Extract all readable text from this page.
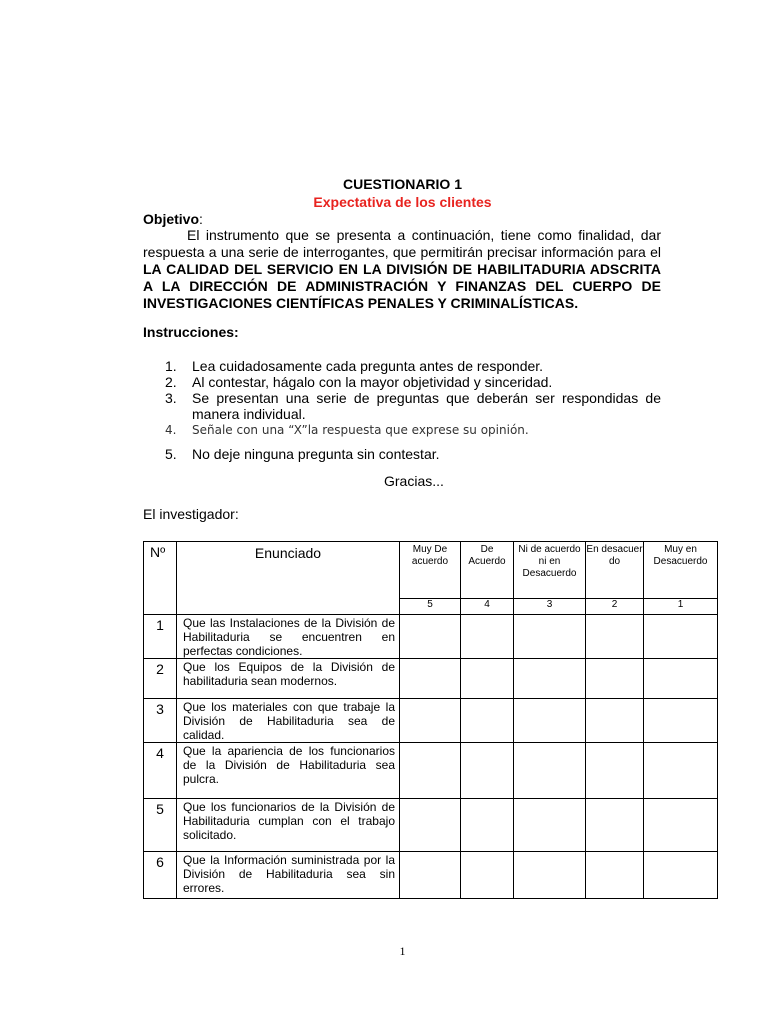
CUESTIONARIO 1
Expectativa de los clientes
Objetivo:
El instrumento que se presenta a continuación, tiene como finalidad, dar respuesta a una serie de interrogantes, que permitirán precisar información para el LA CALIDAD DEL SERVICIO EN LA DIVISIÓN DE HABILITADURIA ADSCRITA A LA DIRECCIÓN DE ADMINISTRACIÓN Y FINANZAS DEL CUERPO DE INVESTIGACIONES CIENTÍFICAS PENALES Y CRIMINALÍSTICAS.
Instrucciones:
1. Lea cuidadosamente cada pregunta antes de responder.
2. Al contestar, hágalo con la mayor objetividad y sinceridad.
3. Se presentan una serie de preguntas que deberán ser respondidas de manera individual.
4. Señale con una “X”la respuesta que exprese su opinión.
5. No deje ninguna pregunta sin contestar.
Gracias...
El investigador:
Nº	Enunciado	Muy De acuerdo	De Acuerdo	Ni de acuerdo ni en Desacuerdo	En desacuer do	Muy en Desacuerdo
		5	4	3	2	1
1	Que las Instalaciones de la División de Habilitaduria se encuentren en perfectas condiciones.					
2	Que los Equipos de la División de habilitaduria sean modernos.					
3	Que los materiales con que trabaje la División de Habilitaduria sea de calidad.					
4	Que la apariencia de los funcionarios de la División de Habilitaduria sea pulcra.					
5	Que los funcionarios de la División de Habilitaduria cumplan con el trabajo solicitado.					
6	Que la Información suministrada por la División de Habilitaduria sea sin errores.					
1
